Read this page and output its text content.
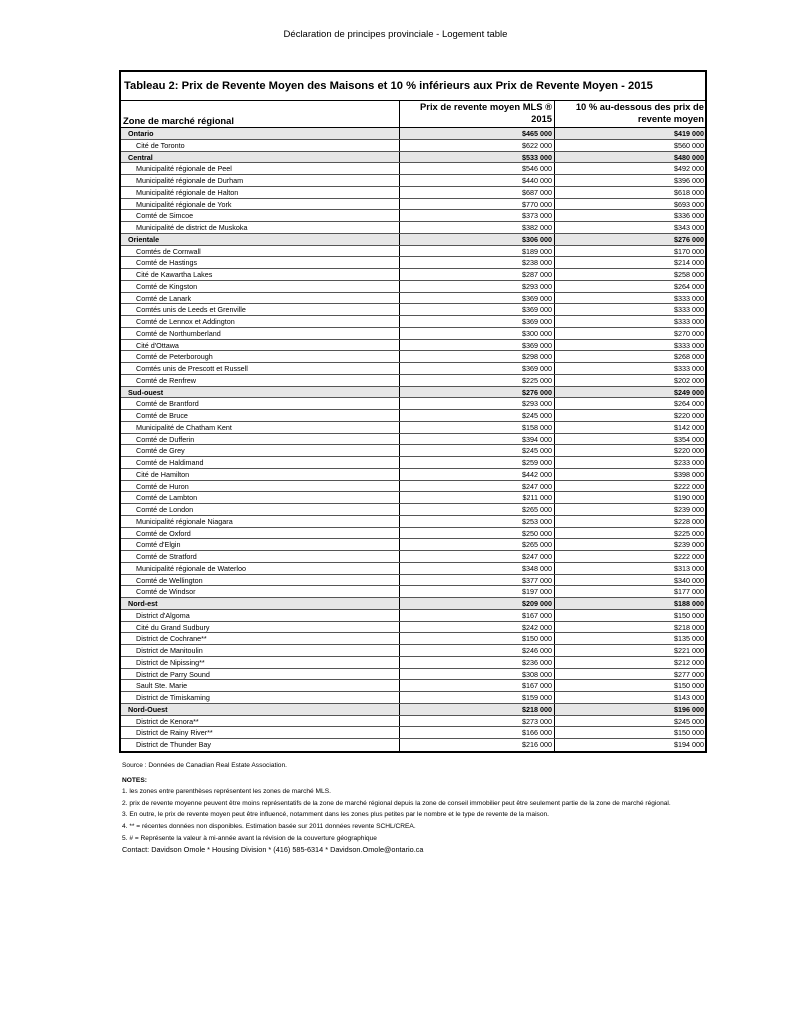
Déclaration de principes provinciale - Logement table
Tableau 2: Prix de Revente Moyen des Maisons et 10 % inférieurs aux Prix de Revente Moyen - 2015
Zone de marché régional
Prix de revente moyen MLS ® 2015
10 % au-dessous des prix de revente moyen
Ontario	$465 000	$419 000
Cité de Toronto	$622 000	$560 000
Central	$533 000	$480 000
Municipalité régionale de Peel	$546 000	$492 000
Municipalité régionale de Durham	$440 000	$396 000
Municipalité régionale de Halton	$687 000	$618 000
Municipalité régionale de York	$770 000	$693 000
Comté de Simcoe	$373 000	$336 000
Municipalité de district de Muskoka	$382 000	$343 000
Orientale	$306 000	$276 000
Comtés de Cornwall	$189 000	$170 000
Comté de Hastings	$238 000	$214 000
Cité de Kawartha Lakes	$287 000	$258 000
Comté de Kingston	$293 000	$264 000
Comté de Lanark	$369 000	$333 000
Comtés unis de Leeds et Grenville	$369 000	$333 000
Comté de Lennox et Addington	$369 000	$333 000
Comté de Northumberland	$300 000	$270 000
Cité d'Ottawa	$369 000	$333 000
Comté de Peterborough	$298 000	$268 000
Comtés unis de Prescott et Russell	$369 000	$333 000
Comté de Renfrew	$225 000	$202 000
Sud-ouest	$276 000	$249 000
Comté de Brantford	$293 000	$264 000
Comté de Bruce	$245 000	$220 000
Municipalité de Chatham Kent	$158 000	$142 000
Comté de Dufferin	$394 000	$354 000
Comté de Grey	$245 000	$220 000
Comté de Haldimand	$259 000	$233 000
Cité de Hamilton	$442 000	$398 000
Comté de Huron	$247 000	$222 000
Comté de Lambton	$211 000	$190 000
Comté de London	$265 000	$239 000
Municipalité régionale Niagara	$253 000	$228 000
Comté de Oxford	$250 000	$225 000
Comté d'Elgin	$265 000	$239 000
Comté de Stratford	$247 000	$222 000
Municipalité régionale de Waterloo	$348 000	$313 000
Comté de Wellington	$377 000	$340 000
Comté de Windsor	$197 000	$177 000
Nord-est	$209 000	$188 000
District d'Algoma	$167 000	$150 000
Cité du Grand Sudbury	$242 000	$218 000
District de Cochrane**	$150 000	$135 000
District de Manitoulin	$246 000	$221 000
District de Nipissing**	$236 000	$212 000
District de Parry Sound	$308 000	$277 000
Sault Ste. Marie	$167 000	$150 000
District de Timiskaming	$159 000	$143 000
Nord-Ouest	$218 000	$196 000
District de Kenora**	$273 000	$245 000
District de Rainy River**	$166 000	$150 000
District de Thunder Bay	$216 000	$194 000
Source : Données de Canadian Real Estate Association.
NOTES:
1. les zones entre parenthèses représentent les zones de marché MLS.
2. prix de revente moyenne peuvent être moins représentatifs de la zone de marché régional depuis la zone de conseil immobilier peut être seulement partie de la zone de marché régional.
3. En outre, le prix de revente moyen peut être influencé, notamment dans les zones plus petites par le nombre et le type de revente de la maison.
4. ** = récentes données non disponibles. Estimation basée sur 2011 données revente SCHL/CREA.
5. # = Représente la valeur à mi-année avant la révision de la couverture géographique
Contact: Davidson Omole * Housing Division * (416) 585-6314 * Davidson.Omole@ontario.ca
